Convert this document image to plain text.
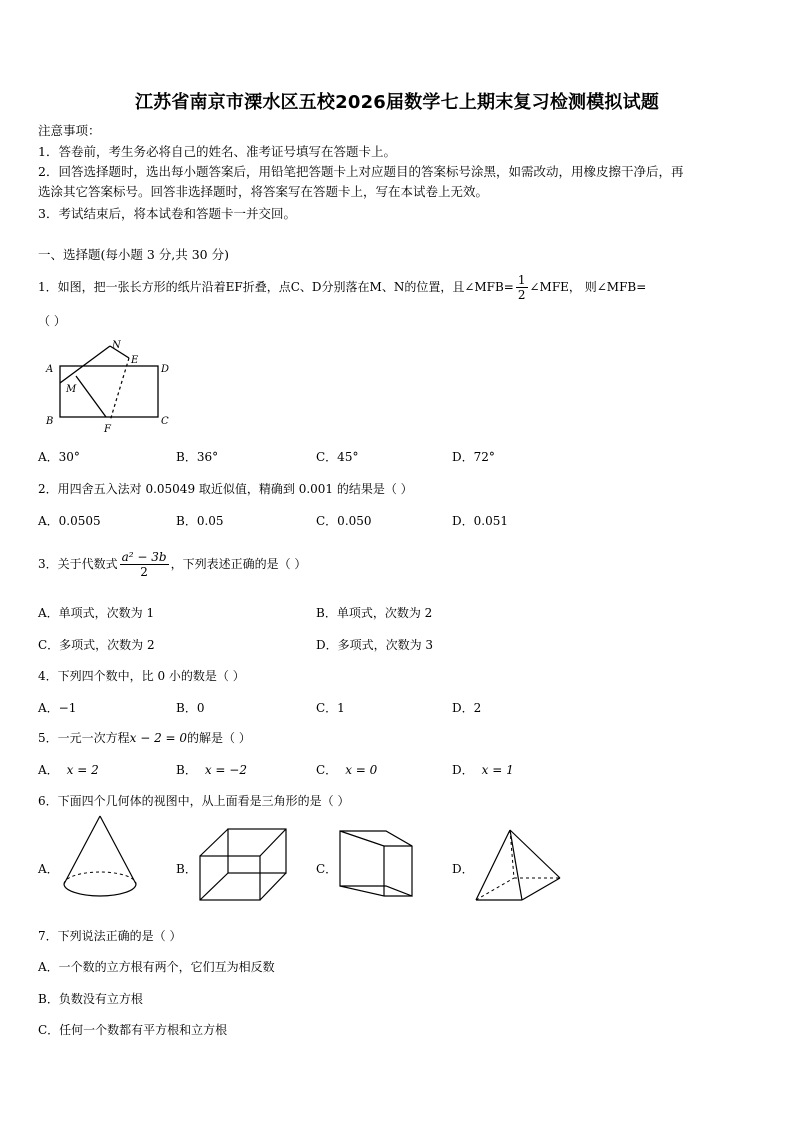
江苏省南京市溧水区五校2026届数学七上期末复习检测模拟试题
注意事项：
1．答卷前，考生务必将自己的姓名、准考证号填写在答题卡上。
2．回答选择题时，选出每小题答案后，用铅笔把答题卡上对应题目的答案标号涂黑，如需改动，用橡皮擦干净后，再
选涂其它答案标号。回答非选择题时，将答案写在答题卡上，写在本试卷上无效。
3．考试结束后，将本试卷和答题卡一并交回。
一、选择题(每小题 3 分,共 30 分)
1．如图，把一张长方形的纸片沿着EF折叠，点C、D分别落在M、N的位置，且∠MFB= $\frac{1}{2}$ ∠MFE， 则∠MFB=
（ ）
A
B	C
D
E
F
M
N
A．30°	B．36°	C．45°	D．72°
2．用四舍五入法对 0.05049 取近似值，精确到 0.001 的结果是（ ）
A．0.0505	B．0.05	C．0.050	D．0.051
3．关于代数式 $\frac{\text{a² − 3b}}{2}$ ，下列表述正确的是（ ）
A．单项式，次数为 1	B．单项式，次数为 2
C．多项式，次数为 2	D．多项式，次数为 3
4．下列四个数中，比 0 小的数是（ ）
A．−1	B．0	C．1	D．2
5．一元一次方程x − 2 = 0的解是（ ）
A． x = 2	B． x = −2	C． x = 0	D． x = 1
6．下面四个几何体的视图中，从上面看是三角形的是（ ）
A．	B．	C．	D．
7．下列说法正确的是（ ）
A．一个数的立方根有两个，它们互为相反数
B．负数没有立方根
C．任何一个数都有平方根和立方根
